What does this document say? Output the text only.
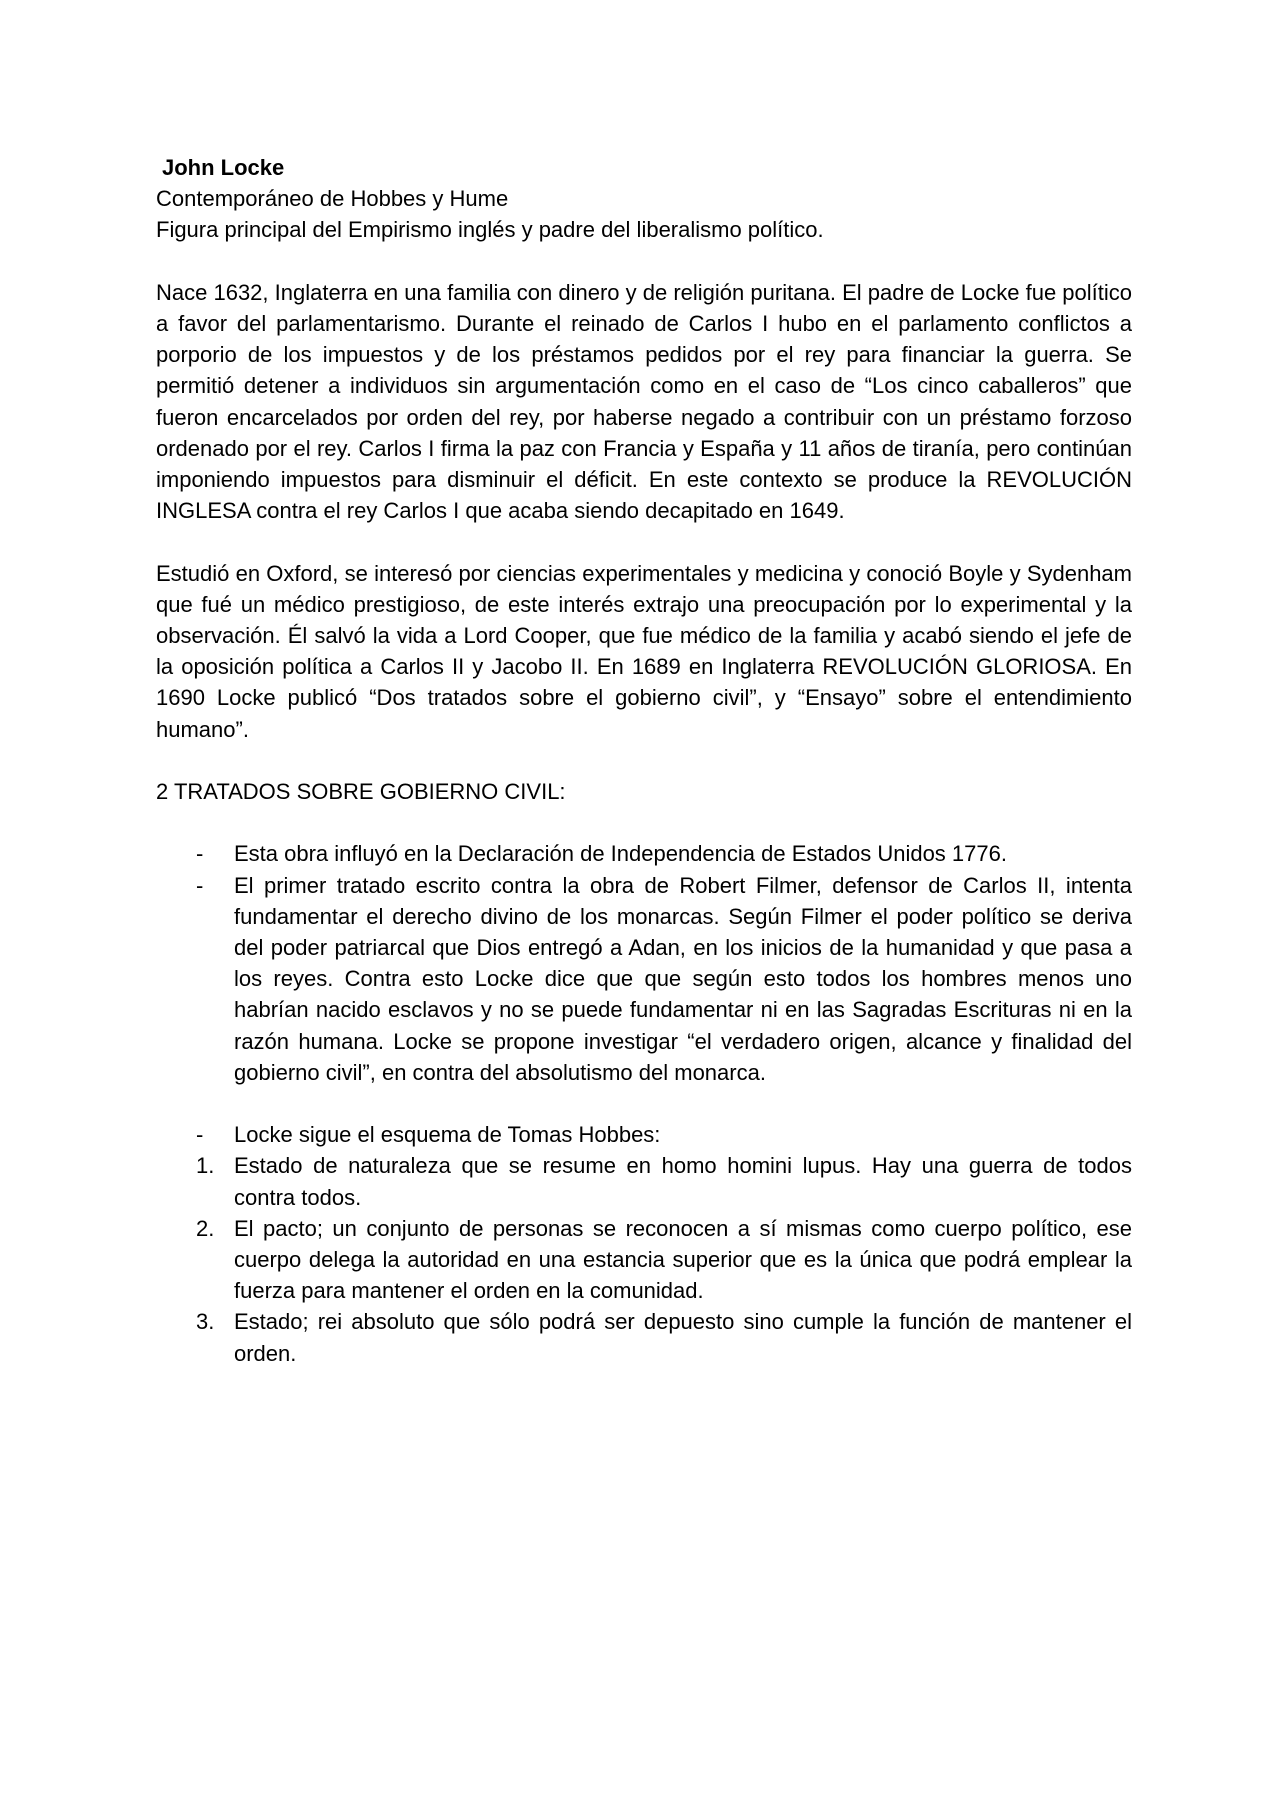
John Locke

Contemporáneo de Hobbes y Hume

Figura principal del Empirismo inglés y padre del liberalismo político.

Nace 1632, Inglaterra en una familia con dinero y de religión puritana. El padre de Locke fue político a favor del parlamentarismo. Durante el reinado de Carlos I hubo en el parlamento conflictos a porporio de los impuestos y de los préstamos pedidos por el rey para financiar la guerra. Se permitió detener a individuos sin argumentación como en el caso de “Los cinco caballeros” que fueron encarcelados por orden del rey, por haberse negado a contribuir con un préstamo forzoso ordenado por el rey. Carlos I firma la paz con Francia y España y 11 años de tiranía, pero continúan imponiendo impuestos para disminuir el déficit. En este contexto se produce la REVOLUCIÓN INGLESA contra el rey Carlos I que acaba siendo decapitado en 1649.

Estudió en Oxford, se interesó por ciencias experimentales y medicina y conoció Boyle y Sydenham que fué un médico prestigioso, de este interés extrajo una preocupación por lo experimental y la observación. Él salvó la vida a Lord Cooper, que fue médico de la familia y acabó siendo el jefe de la oposición política a Carlos II y Jacobo II. En 1689 en Inglaterra REVOLUCIÓN GLORIOSA. En 1690 Locke publicó “Dos tratados sobre el gobierno civil”, y “Ensayo” sobre el entendimiento humano”.

2 TRATADOS SOBRE GOBIERNO CIVIL:

-	Esta obra influyó en la Declaración de Independencia de Estados Unidos 1776.
-	El primer tratado escrito contra la obra de Robert Filmer, defensor de Carlos II, intenta fundamentar el derecho divino de los monarcas. Según Filmer el poder político se deriva del poder patriarcal que Dios entregó a Adan, en los inicios de la humanidad y que pasa a los reyes. Contra esto Locke dice que que según esto todos los hombres menos uno habrían nacido esclavos y no se puede fundamentar ni en las Sagradas Escrituras ni en la razón humana. Locke se propone investigar “el verdadero origen, alcance y finalidad del gobierno civil”, en contra del absolutismo del monarca.
-	Locke sigue el esquema de Tomas Hobbes:
1. Estado de naturaleza que se resume en homo homini lupus. Hay una guerra de todos contra todos.
2. El pacto; un conjunto de personas se reconocen a sí mismas como cuerpo político, ese cuerpo delega la autoridad en una estancia superior que es la única que podrá emplear la fuerza para mantener el orden en la comunidad.
3. Estado; rei absoluto que sólo podrá ser depuesto sino cumple la función de mantener el orden.
